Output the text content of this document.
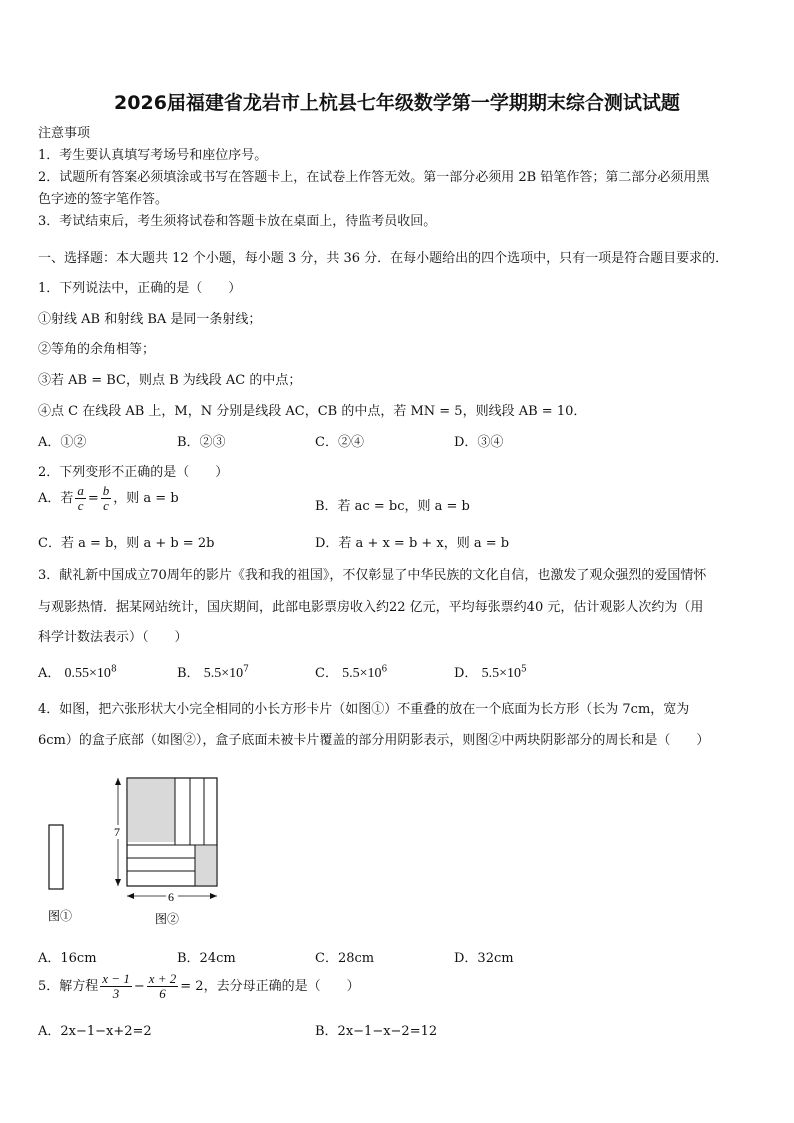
2026届福建省龙岩市上杭县七年级数学第一学期期末综合测试试题
注意事项
1．考生要认真填写考场号和座位序号。
2．试题所有答案必须填涂或书写在答题卡上，在试卷上作答无效。第一部分必须用 2B 铅笔作答；第二部分必须用黑
色字迹的签字笔作答。
3．考试结束后，考生须将试卷和答题卡放在桌面上，待监考员收回。
一、选择题：本大题共 12 个小题，每小题 3 分，共 36 分．在每小题给出的四个选项中，只有一项是符合题目要求的．
1．下列说法中，正确的是（　　）
①射线 AB 和射线 BA 是同一条射线；
②等角的余角相等；
③若 AB = BC，则点 B 为线段 AC 的中点；
④点 C 在线段 AB 上，M，N 分别是线段 AC，CB 的中点，若 MN = 5，则线段 AB = 10．
A．①②	B．②③	C．②④	D．③④
2．下列变形不正确的是（　　）
A．若 $\frac{a}{c} = \frac{b}{c}$ ，则 a = b
B．若 ac = bc，则 a = b
C．若 a = b，则 a + b = 2b	D．若 a + x = b + x，则 a = b
3．献礼新中国成立70周年的影片《我和我的祖国》，不仅彰显了中华民族的文化自信，也激发了观众强烈的爱国情怀
与观影热情．据某网站统计，国庆期间，此部电影票房收入约22 亿元，平均每张票约40 元，估计观影人次约为（用
科学计数法表示）（　　）
A． $0.55\times 10^8$	B． $5.5\times 10^7$	C． $5.5\times 10^6$	D． $5.5\times 10^5$
4．如图，把六张形状大小完全相同的小长方形卡片（如图①）不重叠的放在一个底面为长方形（长为 7cm，宽为
6cm）的盒子底部（如图②），盒子底面未被卡片覆盖的部分用阴影表示，则图②中两块阴影部分的周长和是（　　）
图①
7
6
图②
A．16cm	B．24cm	C．28cm	D．32cm
5．解方程 $\frac{x - 1}{3} - \frac{x + 2}{6} = 2$，去分母正确的是（　　）
A．2x−1−x+2=2	B．2x−1−x−2=12
